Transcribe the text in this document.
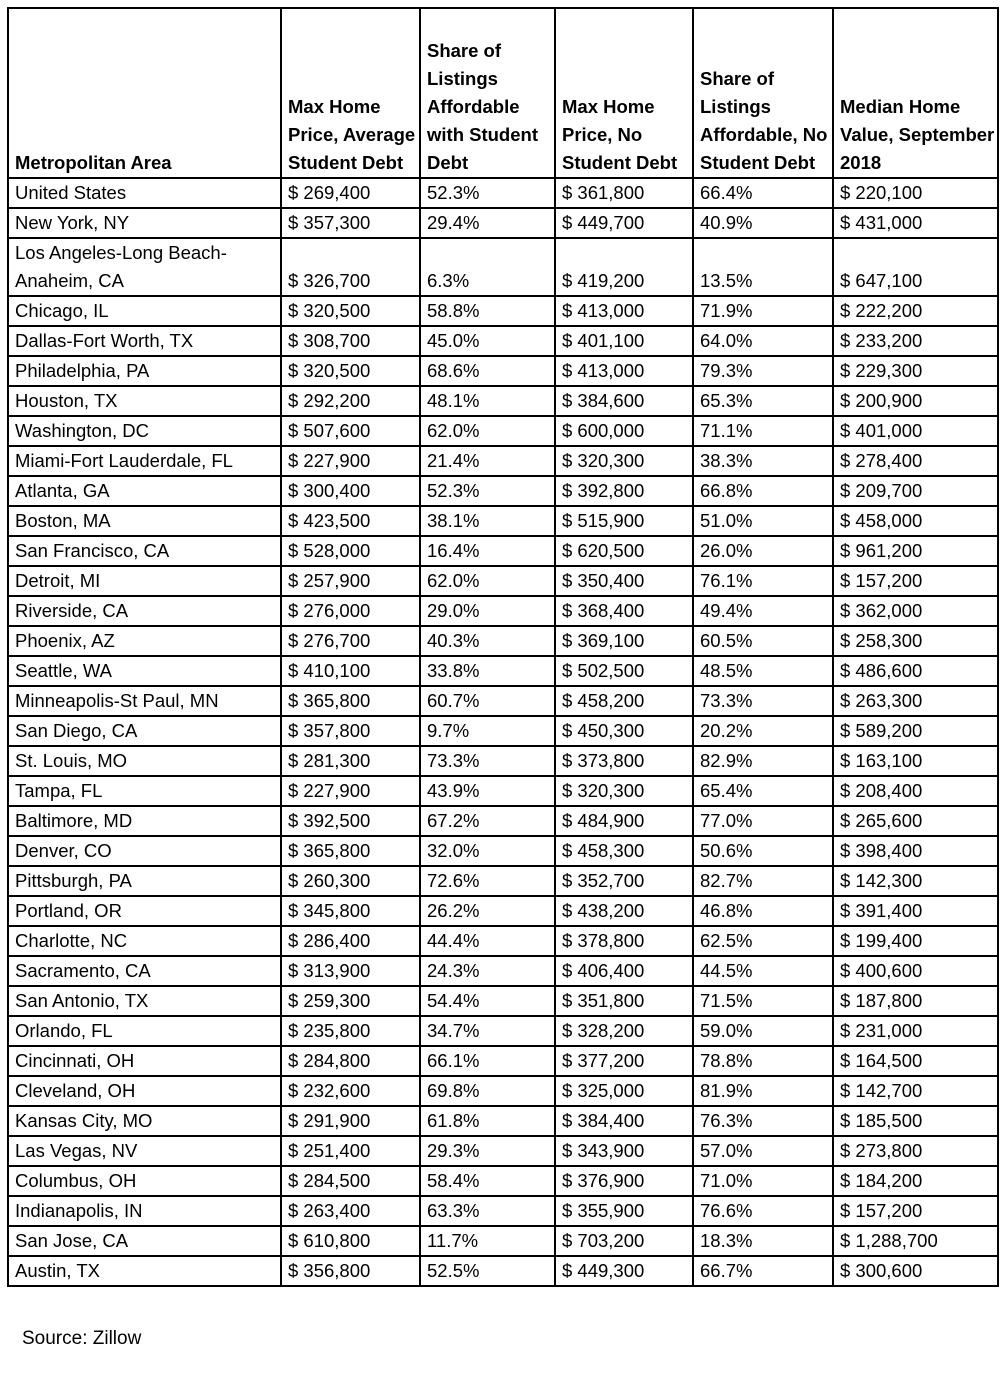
Metropolitan Area	Max Home Price, Average Student Debt	Share of Listings Affordable with Student Debt	Max Home Price, No Student Debt	Share of Listings Affordable, No Student Debt	Median Home Value, September 2018
United States	$ 269,400	52.3%	$ 361,800	66.4%	$ 220,100
New York, NY	$ 357,300	29.4%	$ 449,700	40.9%	$ 431,000
Los Angeles-Long Beach-Anaheim, CA	$ 326,700	6.3%	$ 419,200	13.5%	$ 647,100
Chicago, IL	$ 320,500	58.8%	$ 413,000	71.9%	$ 222,200
Dallas-Fort Worth, TX	$ 308,700	45.0%	$ 401,100	64.0%	$ 233,200
Philadelphia, PA	$ 320,500	68.6%	$ 413,000	79.3%	$ 229,300
Houston, TX	$ 292,200	48.1%	$ 384,600	65.3%	$ 200,900
Washington, DC	$ 507,600	62.0%	$ 600,000	71.1%	$ 401,000
Miami-Fort Lauderdale, FL	$ 227,900	21.4%	$ 320,300	38.3%	$ 278,400
Atlanta, GA	$ 300,400	52.3%	$ 392,800	66.8%	$ 209,700
Boston, MA	$ 423,500	38.1%	$ 515,900	51.0%	$ 458,000
San Francisco, CA	$ 528,000	16.4%	$ 620,500	26.0%	$ 961,200
Detroit, MI	$ 257,900	62.0%	$ 350,400	76.1%	$ 157,200
Riverside, CA	$ 276,000	29.0%	$ 368,400	49.4%	$ 362,000
Phoenix, AZ	$ 276,700	40.3%	$ 369,100	60.5%	$ 258,300
Seattle, WA	$ 410,100	33.8%	$ 502,500	48.5%	$ 486,600
Minneapolis-St Paul, MN	$ 365,800	60.7%	$ 458,200	73.3%	$ 263,300
San Diego, CA	$ 357,800	9.7%	$ 450,300	20.2%	$ 589,200
St. Louis, MO	$ 281,300	73.3%	$ 373,800	82.9%	$ 163,100
Tampa, FL	$ 227,900	43.9%	$ 320,300	65.4%	$ 208,400
Baltimore, MD	$ 392,500	67.2%	$ 484,900	77.0%	$ 265,600
Denver, CO	$ 365,800	32.0%	$ 458,300	50.6%	$ 398,400
Pittsburgh, PA	$ 260,300	72.6%	$ 352,700	82.7%	$ 142,300
Portland, OR	$ 345,800	26.2%	$ 438,200	46.8%	$ 391,400
Charlotte, NC	$ 286,400	44.4%	$ 378,800	62.5%	$ 199,400
Sacramento, CA	$ 313,900	24.3%	$ 406,400	44.5%	$ 400,600
San Antonio, TX	$ 259,300	54.4%	$ 351,800	71.5%	$ 187,800
Orlando, FL	$ 235,800	34.7%	$ 328,200	59.0%	$ 231,000
Cincinnati, OH	$ 284,800	66.1%	$ 377,200	78.8%	$ 164,500
Cleveland, OH	$ 232,600	69.8%	$ 325,000	81.9%	$ 142,700
Kansas City, MO	$ 291,900	61.8%	$ 384,400	76.3%	$ 185,500
Las Vegas, NV	$ 251,400	29.3%	$ 343,900	57.0%	$ 273,800
Columbus, OH	$ 284,500	58.4%	$ 376,900	71.0%	$ 184,200
Indianapolis, IN	$ 263,400	63.3%	$ 355,900	76.6%	$ 157,200
San Jose, CA	$ 610,800	11.7%	$ 703,200	18.3%	$ 1,288,700
Austin, TX	$ 356,800	52.5%	$ 449,300	66.7%	$ 300,600
Source: Zillow
